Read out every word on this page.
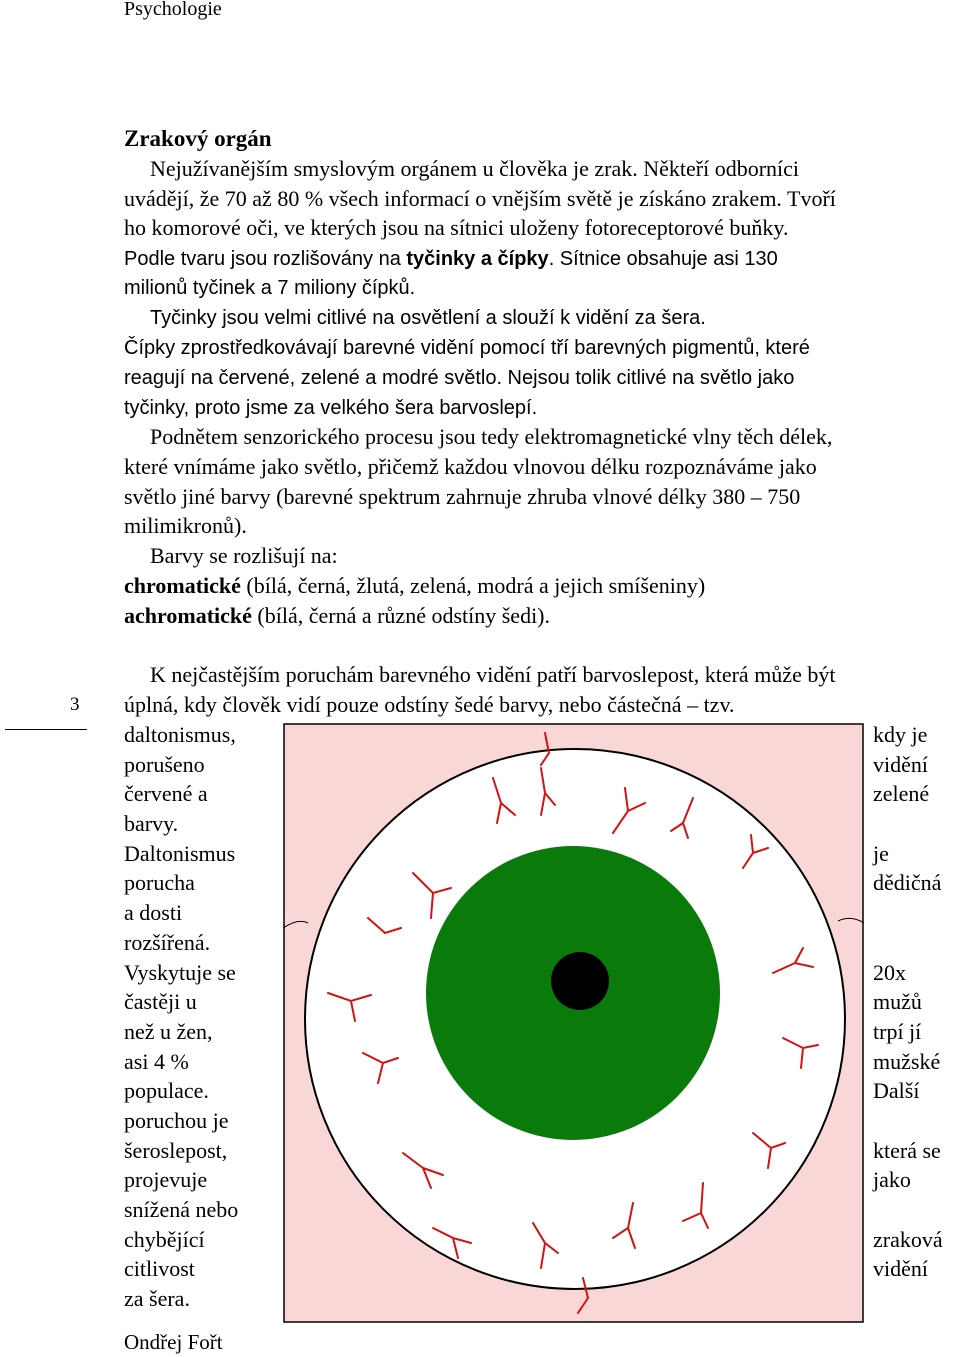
Psychologie
Zrakový orgán
Nejužívanějším smyslovým orgánem u člověka je zrak. Někteří odborníci
uvádějí, že 70 až 80 % všech informací o vnějším světě je získáno zrakem. Tvoří
ho komorové oči, ve kterých jsou na sítnici uloženy fotoreceptorové buňky.
Podle tvaru jsou rozlišovány na tyčinky a čípky. Sítnice obsahuje asi 130
milionů tyčinek a 7 miliony čípků.
Tyčinky jsou velmi citlivé na osvětlení a slouží k vidění za šera.
Čípky zprostředkovávají barevné vidění pomocí tří barevných pigmentů, které
reagují na červené, zelené a modré světlo. Nejsou tolik citlivé na světlo jako
tyčinky, proto jsme za velkého šera barvoslepí.
Podnětem senzorického procesu jsou tedy elektromagnetické vlny těch délek,
které vnímáme jako světlo, přičemž každou vlnovou délku rozpoznáváme jako
světlo jiné barvy (barevné spektrum zahrnuje zhruba vlnové délky 380 – 750
milimikronů).
Barvy se rozlišují na:
chromatické (bílá, černá, žlutá, zelená, modrá a jejich smíšeniny)
achromatické (bílá, černá a různé odstíny šedi).
K nejčastějším poruchám barevného vidění patří barvoslepost, která může být
úplná, kdy člověk vidí pouze odstíny šedé barvy, nebo částečná – tzv.
3
daltonismus,
porušeno
červené a
barvy.
Daltonismus
porucha
a dosti
rozšířená.
Vyskytuje se
častěji u
než u žen,
asi 4 %
populace.
poruchou je
šeroslepost,
projevuje
snížená nebo
chybějící
citlivost
za šera.
kdy je
vidění
zelené
je
dědičná
20x
mužů
trpí jí
mužské
Další
která se
jako
zraková
vidění
Ondřej Fořt
